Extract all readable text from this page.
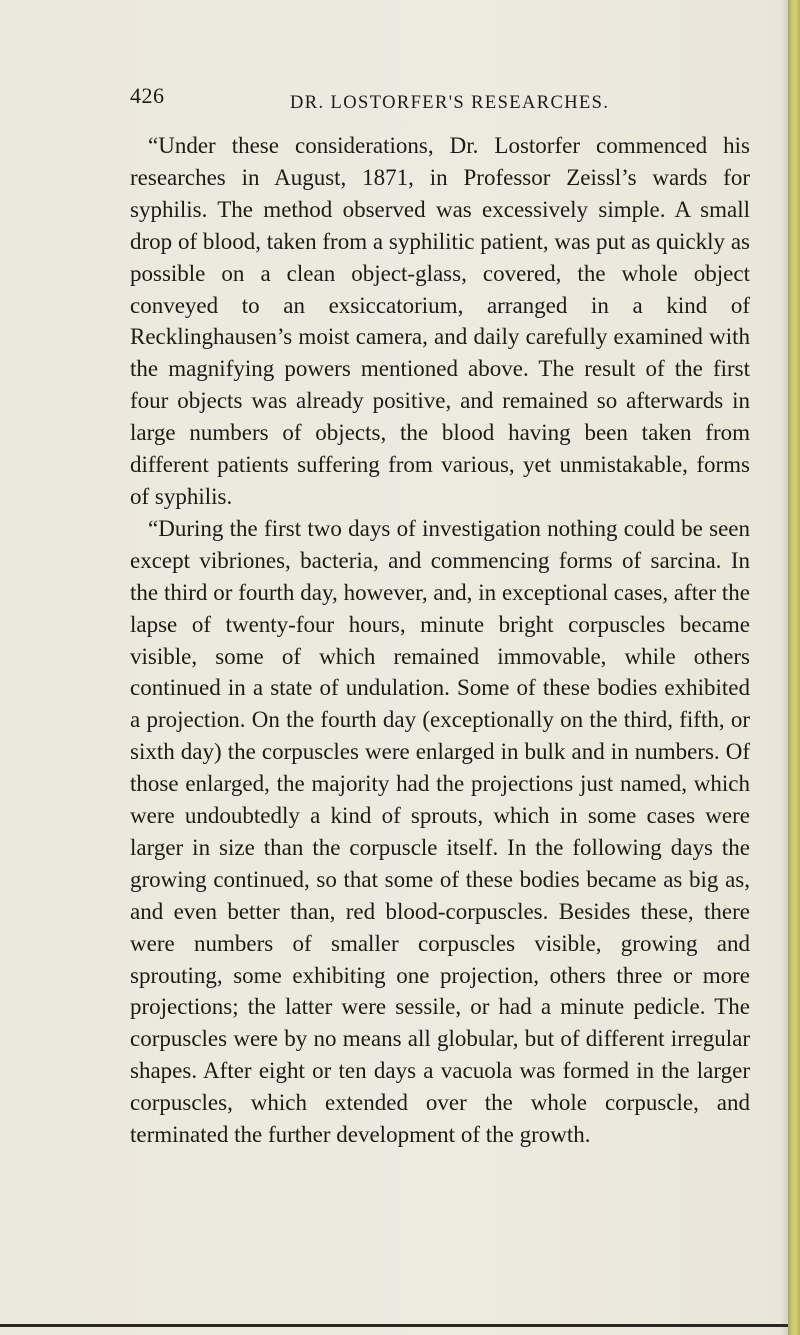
426	DR. LOSTORFER'S RESEARCHES.

“Under these considerations, Dr. Lostorfer commenced his researches in August, 1871, in Professor Zeissl’s wards for syphilis. The method observed was excessively simple. A small drop of blood, taken from a syphilitic patient, was put as quickly as possible on a clean object-glass, covered, the whole object conveyed to an exsiccatorium, arranged in a kind of Recklinghausen’s moist camera, and daily carefully examined with the magnifying powers mentioned above. The result of the first four objects was already positive, and remained so afterwards in large numbers of objects, the blood having been taken from different patients suffering from various, yet unmistakable, forms of syphilis.

“During the first two days of investigation nothing could be seen except vibriones, bacteria, and commencing forms of sarcina. In the third or fourth day, however, and, in exceptional cases, after the lapse of twenty-four hours, minute bright corpuscles became visible, some of which remained immovable, while others continued in a state of undulation. Some of these bodies exhibited a projection. On the fourth day (exceptionally on the third, fifth, or sixth day) the corpuscles were enlarged in bulk and in numbers. Of those enlarged, the majority had the projections just named, which were undoubtedly a kind of sprouts, which in some cases were larger in size than the corpuscle itself. In the following days the growing continued, so that some of these bodies became as big as, and even better than, red blood-corpuscles. Besides these, there were numbers of smaller corpuscles visible, growing and sprouting, some exhibiting one projection, others three or more projections; the latter were sessile, or had a minute pedicle. The corpuscles were by no means all globular, but of different irregular shapes. After eight or ten days a vacuola was formed in the larger corpuscles, which extended over the whole corpuscle, and terminated the further development of the growth.
